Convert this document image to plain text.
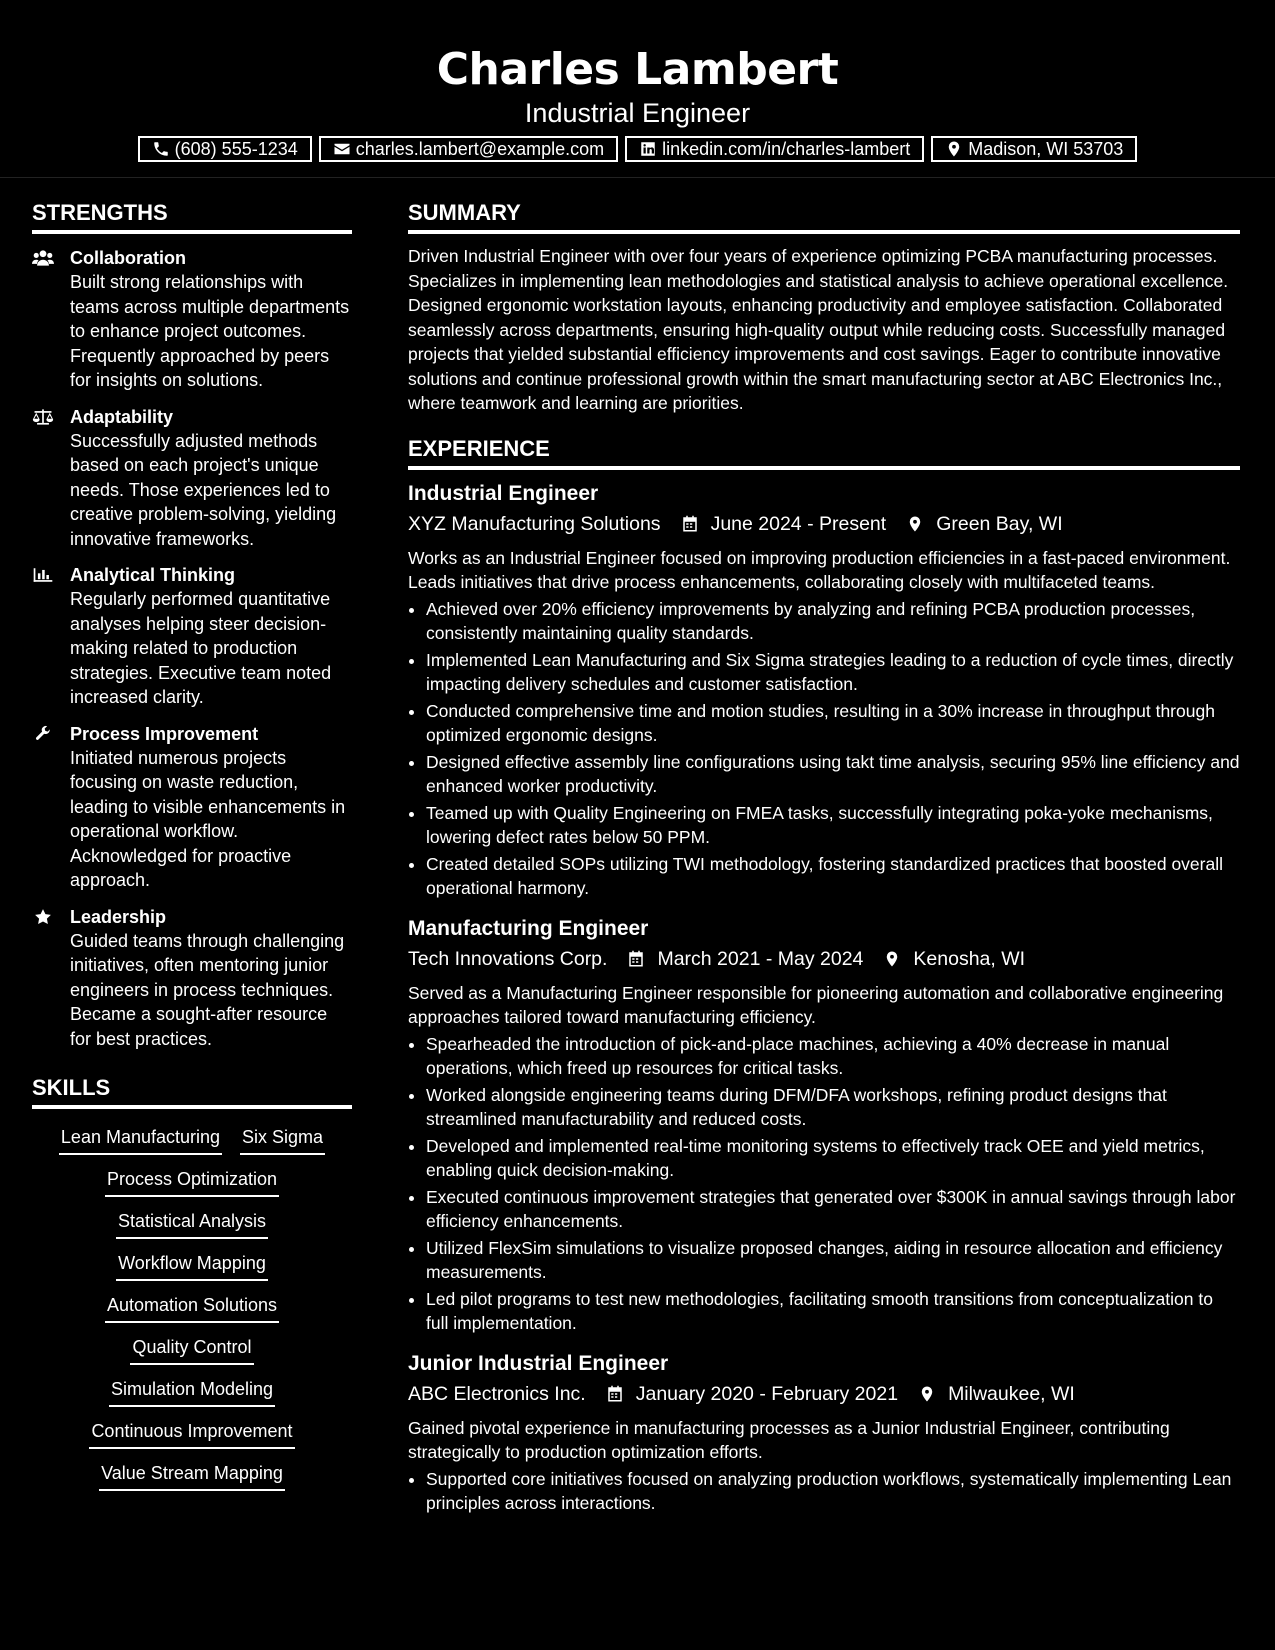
Charles Lambert
Industrial Engineer
(608) 555-1234	charles.lambert@example.com	linkedin.com/in/charles-lambert	Madison, WI 53703
STRENGTHS
Collaboration
Built strong relationships with teams across multiple departments to enhance project outcomes. Frequently approached by peers for insights on solutions.
Adaptability
Successfully adjusted methods based on each project's unique needs. Those experiences led to creative problem-solving, yielding innovative frameworks.
Analytical Thinking
Regularly performed quantitative analyses helping steer decision-making related to production strategies. Executive team noted increased clarity.
Process Improvement
Initiated numerous projects focusing on waste reduction, leading to visible enhancements in operational workflow. Acknowledged for proactive approach.
Leadership
Guided teams through challenging initiatives, often mentoring junior engineers in process techniques. Became a sought-after resource for best practices.
SKILLS
Lean Manufacturing Six Sigma
Process Optimization
Statistical Analysis
Workflow Mapping
Automation Solutions
Quality Control
Simulation Modeling
Continuous Improvement
Value Stream Mapping
SUMMARY
Driven Industrial Engineer with over four years of experience optimizing PCBA manufacturing processes. Specializes in implementing lean methodologies and statistical analysis to achieve operational excellence. Designed ergonomic workstation layouts, enhancing productivity and employee satisfaction. Collaborated seamlessly across departments, ensuring high-quality output while reducing costs. Successfully managed projects that yielded substantial efficiency improvements and cost savings. Eager to contribute innovative solutions and continue professional growth within the smart manufacturing sector at ABC Electronics Inc., where teamwork and learning are priorities.
EXPERIENCE
Industrial Engineer
XYZ Manufacturing Solutions	June 2024 - Present	Green Bay, WI
Works as an Industrial Engineer focused on improving production efficiencies in a fast-paced environment. Leads initiatives that drive process enhancements, collaborating closely with multifaceted teams.
• Achieved over 20% efficiency improvements by analyzing and refining PCBA production processes, consistently maintaining quality standards.
• Implemented Lean Manufacturing and Six Sigma strategies leading to a reduction of cycle times, directly impacting delivery schedules and customer satisfaction.
• Conducted comprehensive time and motion studies, resulting in a 30% increase in throughput through optimized ergonomic designs.
• Designed effective assembly line configurations using takt time analysis, securing 95% line efficiency and enhanced worker productivity.
• Teamed up with Quality Engineering on FMEA tasks, successfully integrating poka-yoke mechanisms, lowering defect rates below 50 PPM.
• Created detailed SOPs utilizing TWI methodology, fostering standardized practices that boosted overall operational harmony.
Manufacturing Engineer
Tech Innovations Corp.	March 2021 - May 2024	Kenosha, WI
Served as a Manufacturing Engineer responsible for pioneering automation and collaborative engineering approaches tailored toward manufacturing efficiency.
• Spearheaded the introduction of pick-and-place machines, achieving a 40% decrease in manual operations, which freed up resources for critical tasks.
• Worked alongside engineering teams during DFM/DFA workshops, refining product designs that streamlined manufacturability and reduced costs.
• Developed and implemented real-time monitoring systems to effectively track OEE and yield metrics, enabling quick decision-making.
• Executed continuous improvement strategies that generated over $300K in annual savings through labor efficiency enhancements.
• Utilized FlexSim simulations to visualize proposed changes, aiding in resource allocation and efficiency measurements.
• Led pilot programs to test new methodologies, facilitating smooth transitions from conceptualization to full implementation.
Junior Industrial Engineer
ABC Electronics Inc.	January 2020 - February 2021	Milwaukee, WI
Gained pivotal experience in manufacturing processes as a Junior Industrial Engineer, contributing strategically to production optimization efforts.
• Supported core initiatives focused on analyzing production workflows, systematically implementing Lean principles across interactions.
